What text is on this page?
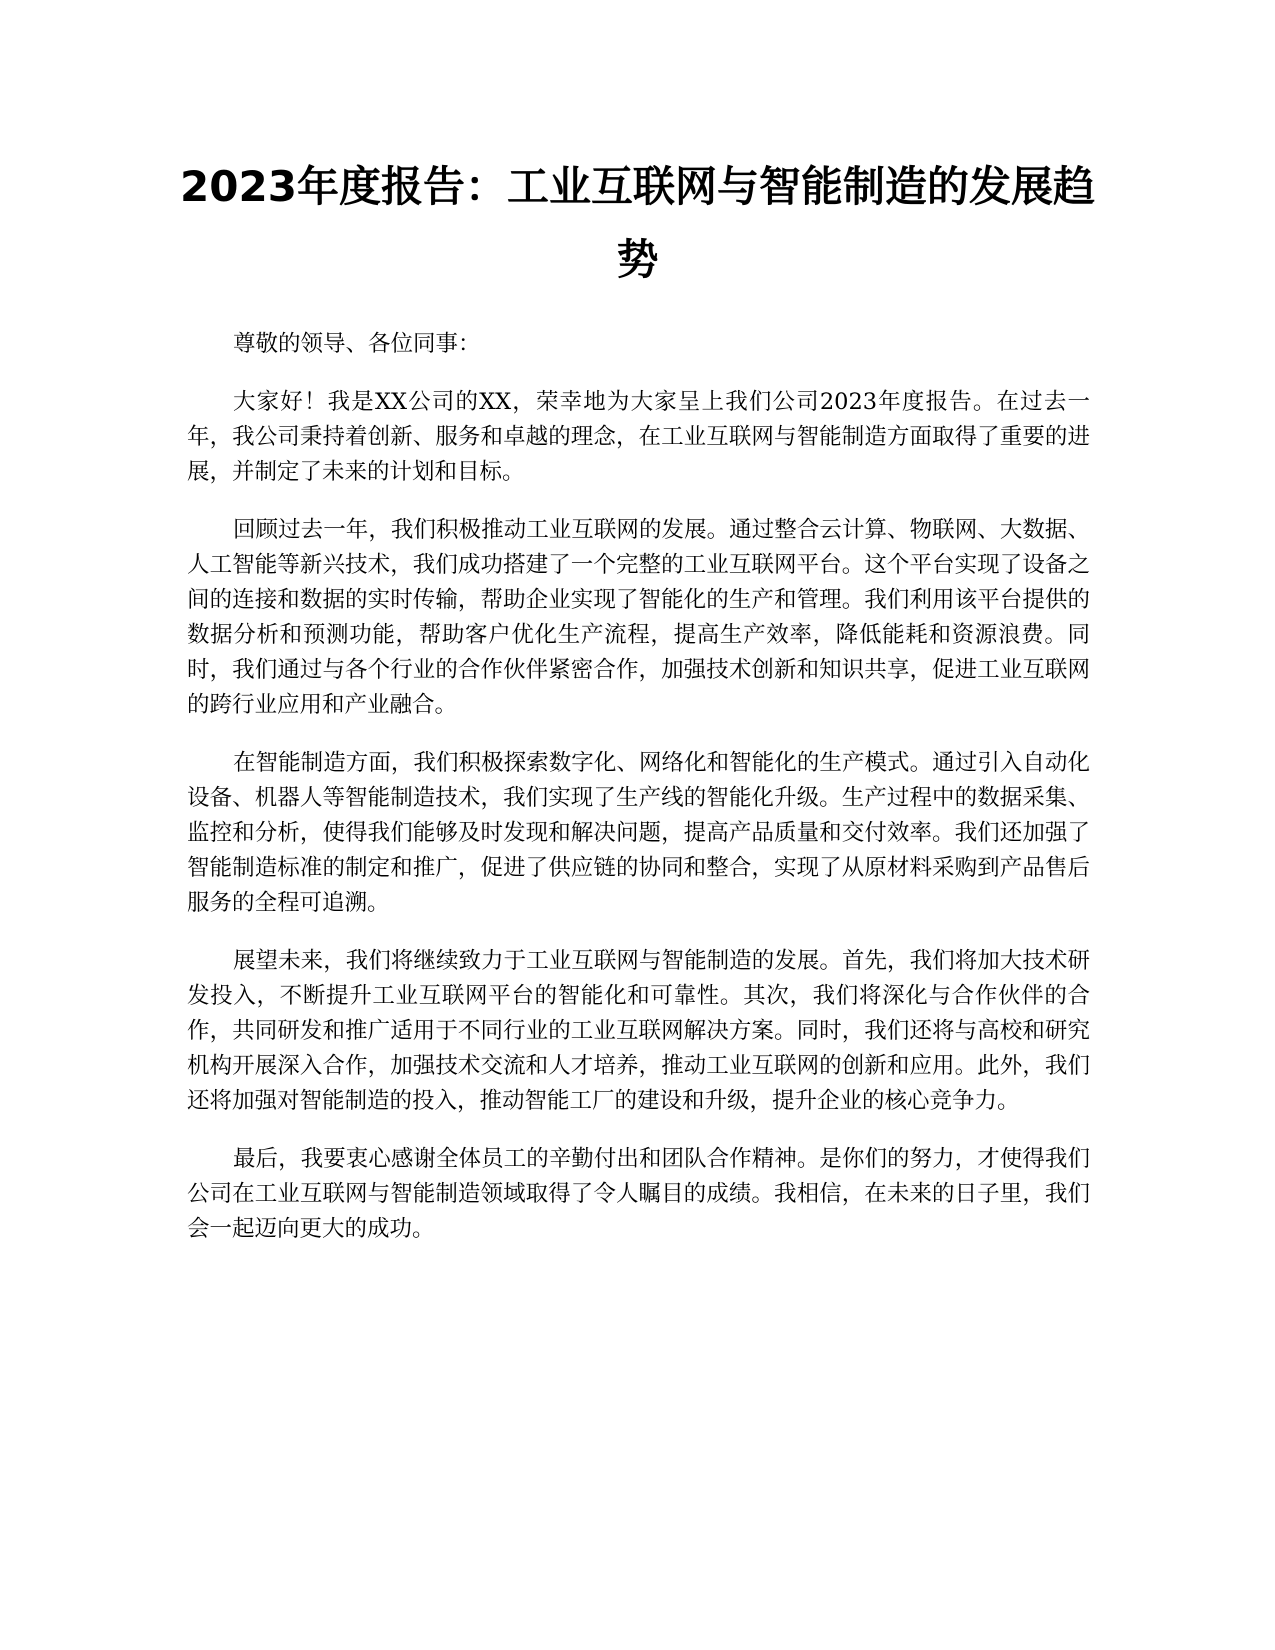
2023年度报告：工业互联网与智能制造的发展趋势

尊敬的领导、各位同事：

大家好！我是XX公司的XX，荣幸地为大家呈上我们公司2023年度报告。在过去一年，我公司秉持着创新、服务和卓越的理念，在工业互联网与智能制造方面取得了重要的进展，并制定了未来的计划和目标。

回顾过去一年，我们积极推动工业互联网的发展。通过整合云计算、物联网、大数据、人工智能等新兴技术，我们成功搭建了一个完整的工业互联网平台。这个平台实现了设备之间的连接和数据的实时传输，帮助企业实现了智能化的生产和管理。我们利用该平台提供的数据分析和预测功能，帮助客户优化生产流程，提高生产效率，降低能耗和资源浪费。同时，我们通过与各个行业的合作伙伴紧密合作，加强技术创新和知识共享，促进工业互联网的跨行业应用和产业融合。

在智能制造方面，我们积极探索数字化、网络化和智能化的生产模式。通过引入自动化设备、机器人等智能制造技术，我们实现了生产线的智能化升级。生产过程中的数据采集、监控和分析，使得我们能够及时发现和解决问题，提高产品质量和交付效率。我们还加强了智能制造标准的制定和推广，促进了供应链的协同和整合，实现了从原材料采购到产品售后服务的全程可追溯。

展望未来，我们将继续致力于工业互联网与智能制造的发展。首先，我们将加大技术研发投入，不断提升工业互联网平台的智能化和可靠性。其次，我们将深化与合作伙伴的合作，共同研发和推广适用于不同行业的工业互联网解决方案。同时，我们还将与高校和研究机构开展深入合作，加强技术交流和人才培养，推动工业互联网的创新和应用。此外，我们还将加强对智能制造的投入，推动智能工厂的建设和升级，提升企业的核心竞争力。

最后，我要衷心感谢全体员工的辛勤付出和团队合作精神。是你们的努力，才使得我们公司在工业互联网与智能制造领域取得了令人瞩目的成绩。我相信，在未来的日子里，我们会一起迈向更大的成功。
